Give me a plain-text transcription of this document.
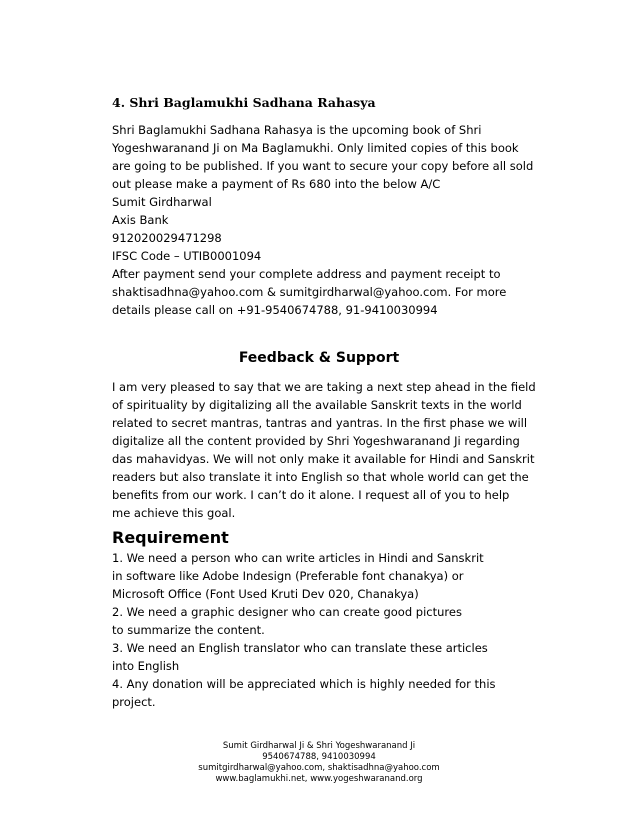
4. Shri Baglamukhi Sadhana Rahasya
Shri Baglamukhi Sadhana Rahasya is the upcoming book of Shri
Yogeshwaranand Ji on Ma Baglamukhi. Only limited copies of this book
are going to be published. If you want to secure your copy before all sold
out please make a payment of Rs 680 into the below A/C
Sumit Girdharwal
Axis Bank
912020029471298
IFSC Code – UTIB0001094
After payment send your complete address and payment receipt to
shaktisadhna@yahoo.com & sumitgirdharwal@yahoo.com. For more
details please call on +91-9540674788, 91-9410030994
Feedback & Support
I am very pleased to say that we are taking a next step ahead in the field
of spirituality by digitalizing all the available Sanskrit texts in the world
related to secret mantras, tantras and yantras. In the first phase we will
digitalize all the content provided by Shri Yogeshwaranand Ji regarding
das mahavidyas. We will not only make it available for Hindi and Sanskrit
readers but also translate it into English so that whole world can get the
benefits from our work. I can’t do it alone. I request all of you to help
me achieve this goal.
Requirement
1. We need a person who can write articles in Hindi and Sanskrit
in software like Adobe Indesign (Preferable font chanakya) or
Microsoft Office (Font Used Kruti Dev 020, Chanakya)
2. We need a graphic designer who can create good pictures
to summarize the content.
3. We need an English translator who can translate these articles
into English
4. Any donation will be appreciated which is highly needed for this
project.
Sumit Girdharwal Ji & Shri Yogeshwaranand Ji
9540674788, 9410030994
sumitgirdharwal@yahoo.com, shaktisadhna@yahoo.com
www.baglamukhi.net, www.yogeshwaranand.org
